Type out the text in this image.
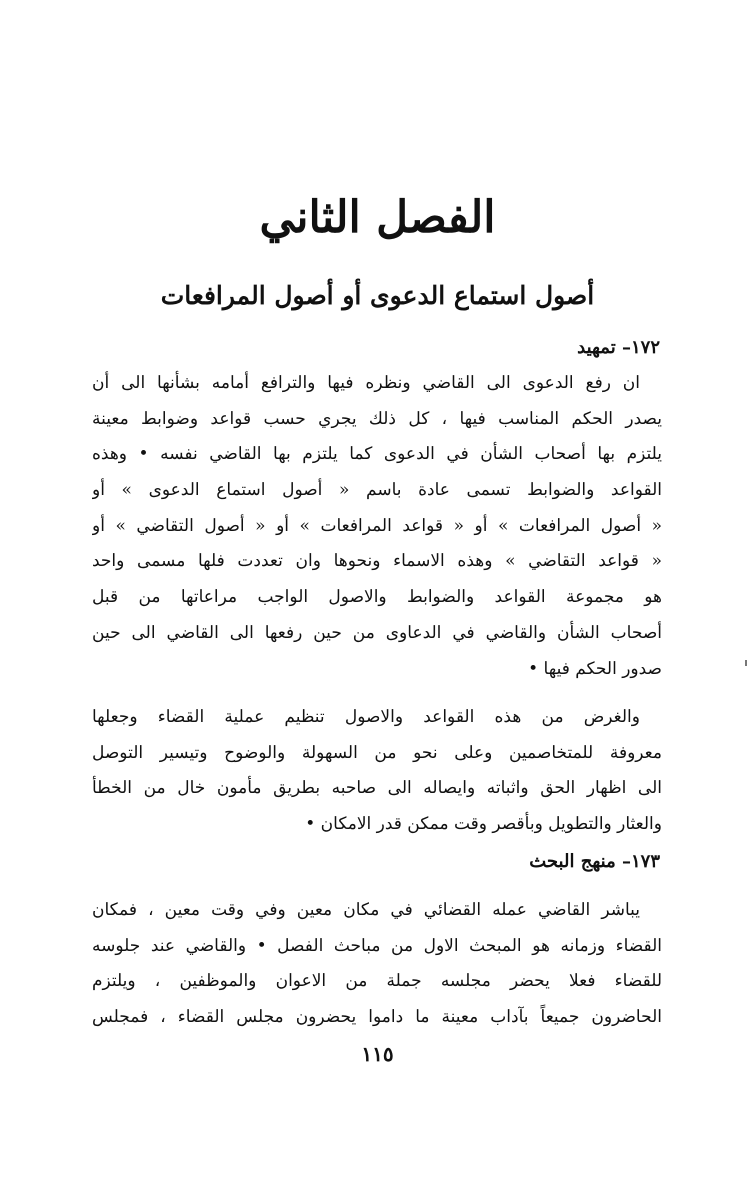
الفصل الثاني
أصول استماع الدعوى أو أصول المرافعات
١٧٢– تمهيد
ان رفع الدعوى الى القاضي ونظره فيها والترافع أمامه بشأنها الى أن
يصدر الحكم المناسب فيها ، كل ذلك يجري حسب قواعد وضوابط معينة
يلتزم بها أصحاب الشأن في الدعوى كما يلتزم بها القاضي نفسه • وهذه
القواعد والضوابط تسمى عادة باسم « أصول استماع الدعوى » أو
« أصول المرافعات » أو « قواعد المرافعات » أو « أصول التقاضي » أو
« قواعد التقاضي » وهذه الاسماء ونحوها وان تعددت فلها مسمى واحد
هو مجموعة القواعد والضوابط والاصول الواجب مراعاتها من قبل
أصحاب الشأن والقاضي في الدعاوى من حين رفعها الى القاضي الى حين
صدور الحكم فيها •
والغرض من هذه القواعد والاصول تنظيم عملية القضاء وجعلها
معروفة للمتخاصمين وعلى نحو من السهولة والوضوح وتيسير التوصل
الى اظهار الحق واثباته وايصاله الى صاحبه بطريق مأمون خال من الخطأ
والعثار والتطويل وبأقصر وقت ممكن قدر الامكان •
١٧٣– منهج البحث
يباشر القاضي عمله القضائي في مكان معين وفي وقت معين ، فمكان
القضاء وزمانه هو المبحث الاول من مباحث الفصل • والقاضي عند جلوسه
للقضاء فعلا يحضر مجلسه جملة من الاعوان والموظفين ، ويلتزم
الحاضرون جميعاً بآداب معينة ما داموا يحضرون مجلس القضاء ، فمجلس
١١٥
